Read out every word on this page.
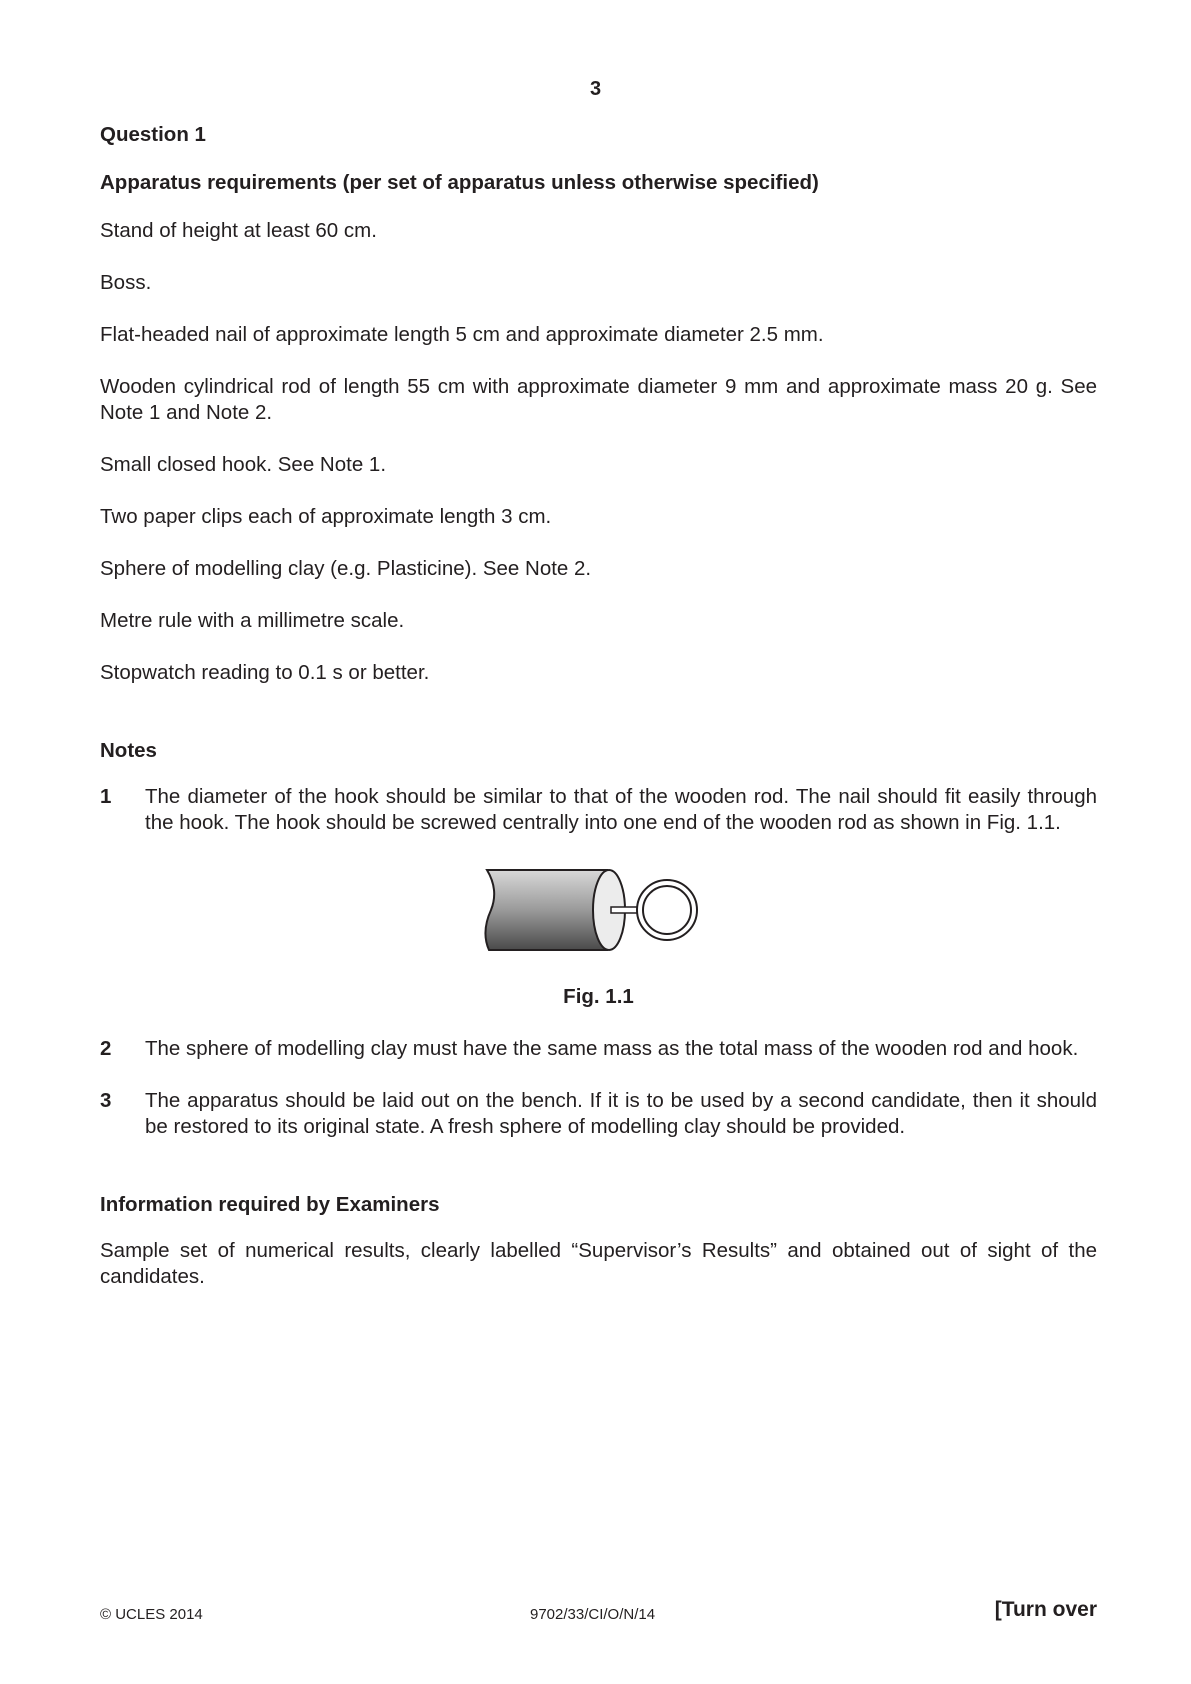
3
Question 1
Apparatus requirements (per set of apparatus unless otherwise specified)
Stand of height at least 60 cm.
Boss.
Flat-headed nail of approximate length 5 cm and approximate diameter 2.5 mm.
Wooden cylindrical rod of length 55 cm with approximate diameter 9 mm and approximate mass 20 g. See Note 1 and Note 2.
Small closed hook. See Note 1.
Two paper clips each of approximate length 3 cm.
Sphere of modelling clay (e.g. Plasticine). See Note 2.
Metre rule with a millimetre scale.
Stopwatch reading to 0.1 s or better.
Notes
1	The diameter of the hook should be similar to that of the wooden rod. The nail should fit easily through the hook. The hook should be screwed centrally into one end of the wooden rod as shown in Fig. 1.1.
Fig. 1.1
2	The sphere of modelling clay must have the same mass as the total mass of the wooden rod and hook.
3	The apparatus should be laid out on the bench. If it is to be used by a second candidate, then it should be restored to its original state. A fresh sphere of modelling clay should be provided.
Information required by Examiners
Sample set of numerical results, clearly labelled “Supervisor’s Results” and obtained out of sight of the candidates.
© UCLES 2014	9702/33/CI/O/N/14	[Turn over
